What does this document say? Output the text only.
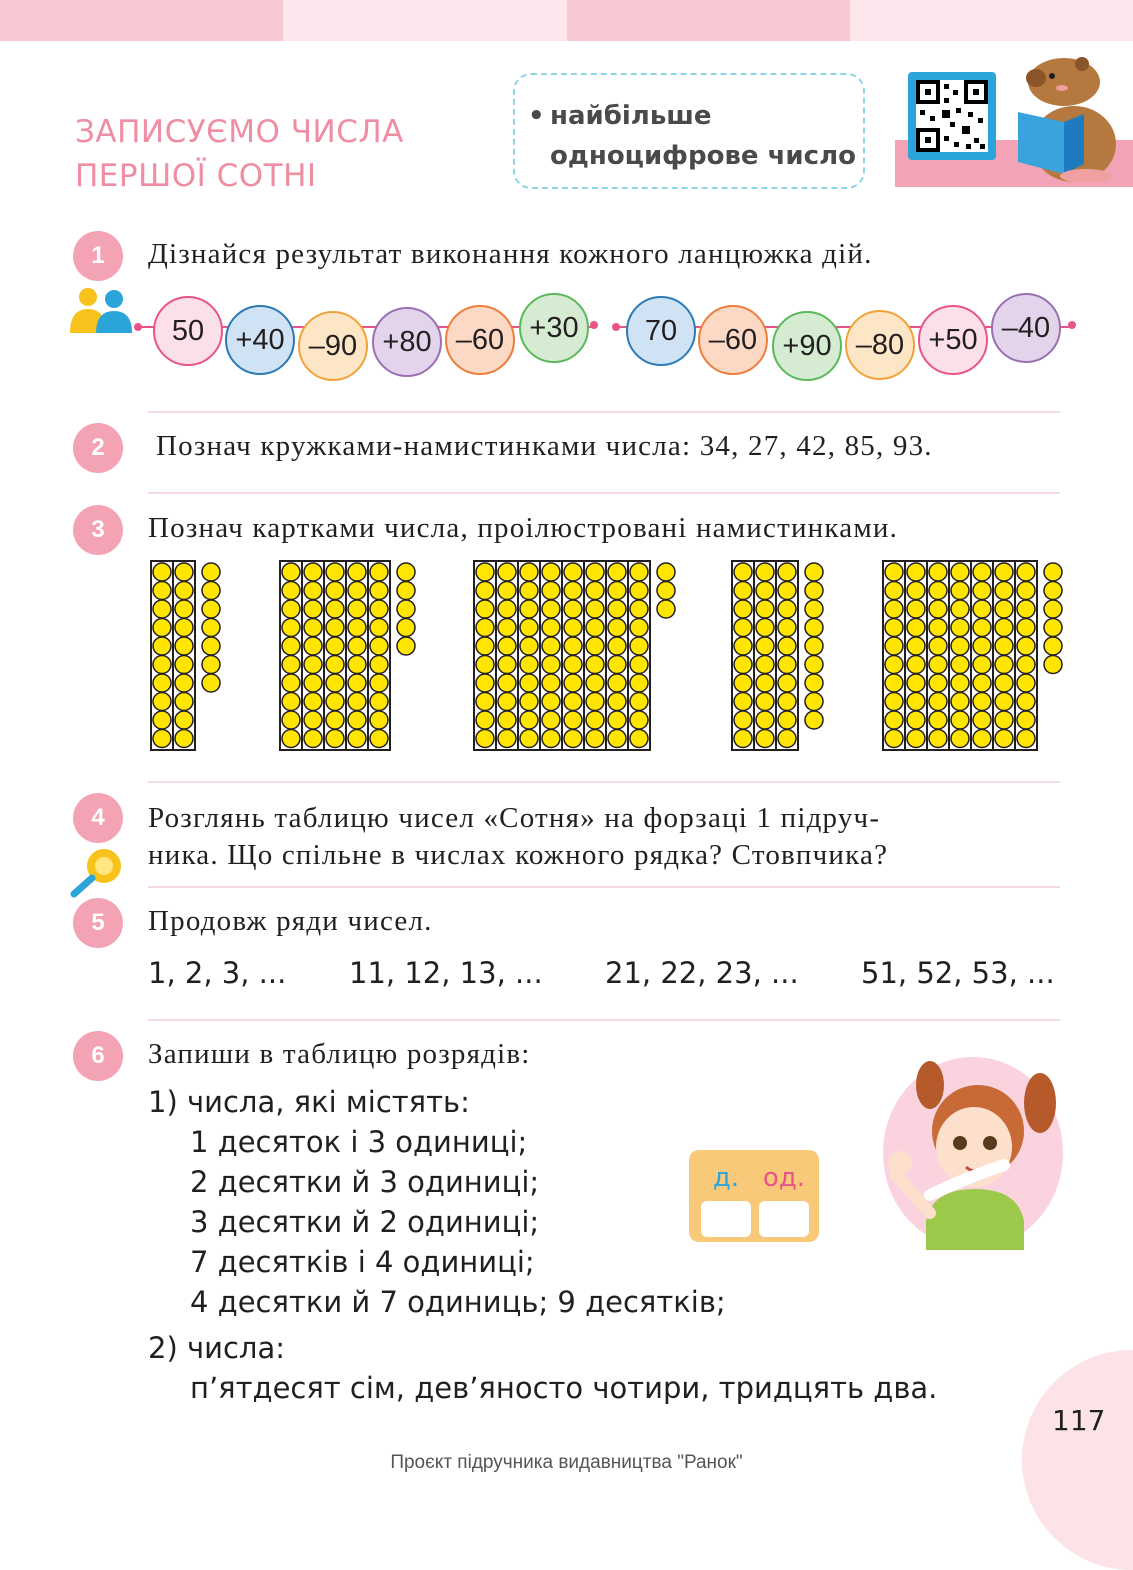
ЗАПИСУЄМО ЧИСЛА
ПЕРШОЇ СОТНІ
• найбільше
одноцифрове число
1	Дізнайся результат виконання кожного ланцюжка дій.
50	+40 –90 +80 –60 +30	70	–60 +90 –80 +50 –40
2	Познач кружками-намистинками числа: 34, 27, 42, 85, 93.
3	Познач картками числа, проілюстровані намистинками.
4	Розглянь таблицю чисел «Сотня» на форзаці 1 підруч-
ника. Що спільне в числах кожного рядка? Стовпчика?
5	Продовж ряди чисел.
1, 2, 3, ... 11, 12, 13, ... 21, 22, 23, ... 51, 52, 53, ...
6	Запиши в таблицю розрядів:
1) числа, які містять:
1 десяток і 3 одиниці;
2 десятки й 3 одиниці;
3 десятки й 2 одиниці;
7 десятків і 4 одиниці;
4 десятки й 7 одиниць; 9 десятків;
2) числа:
п’ятдесят сім, дев’яносто чотири, тридцять два.
д. од.
117
Проєкт підручника видавництва "Ранок"
